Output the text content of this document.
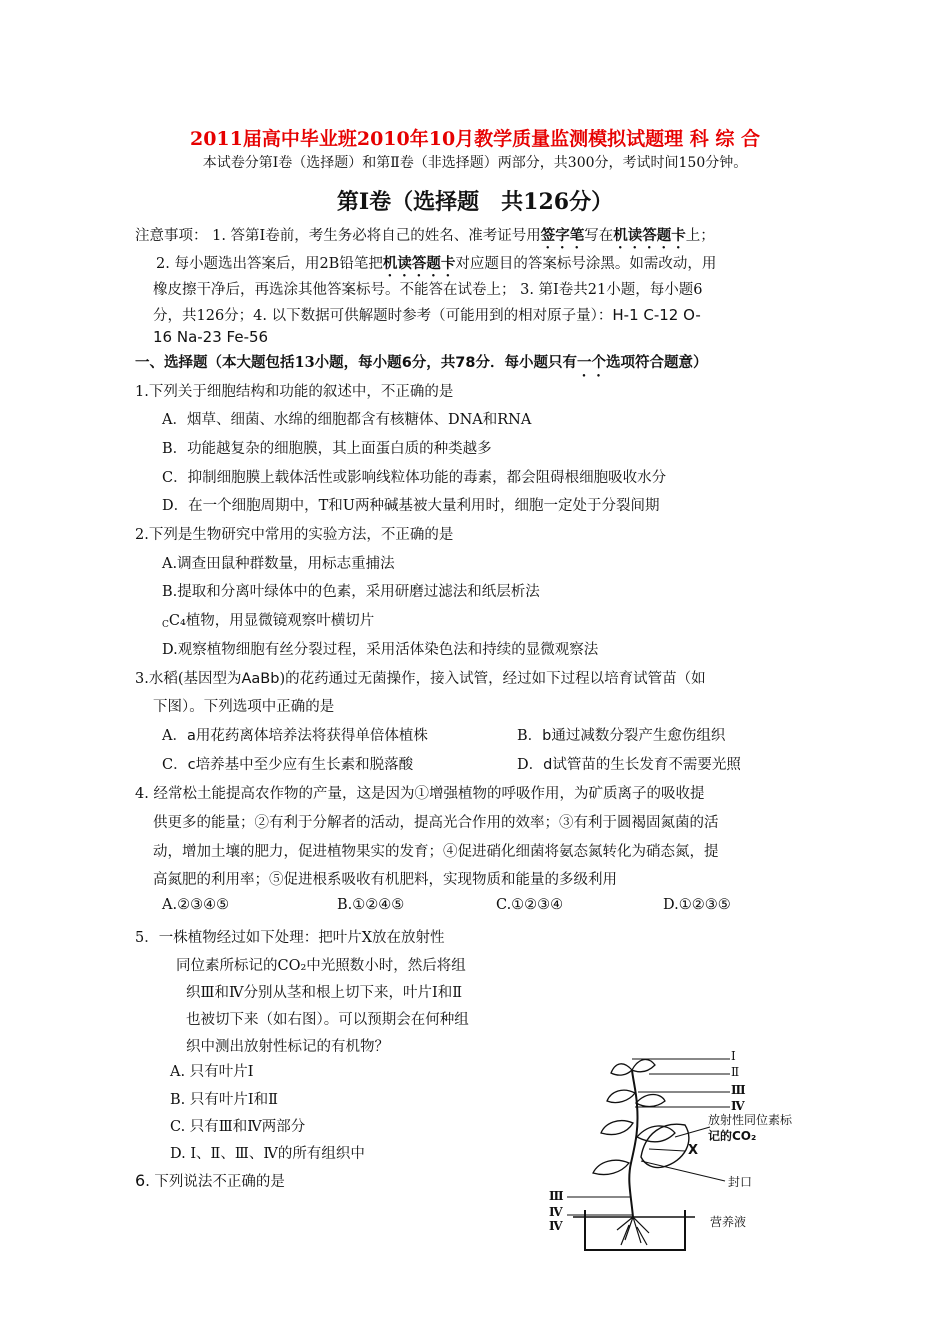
2011届高中毕业班2010年10月教学质量监测模拟试题理 科 综 合
本试卷分第Ⅰ卷（选择题）和第Ⅱ卷（非选择题）两部分，共300分，考试时间150分钟。
第Ⅰ卷（选择题　共126分）
注意事项： 1. 答第Ⅰ卷前，考生务必将自己的姓名、准考证号用签字笔写在机读答题卡上；
2. 每小题选出答案后，用2B铅笔把机读答题卡对应题目的答案标号涂黑。如需改动，用
橡皮擦干净后，再选涂其他答案标号。不能答在试卷上； 3. 第Ⅰ卷共21小题，每小题6
分，共126分；4. 以下数据可供解题时参考（可能用到的相对原子量）：H-1 C-12 O-
16 Na-23 Fe-56
一、选择题（本大题包括13小题，每小题6分，共78分．每小题只有一个选项符合题意）
1.下列关于细胞结构和功能的叙述中，不正确的是
A．烟草、细菌、水绵的细胞都含有核糖体、DNA和RNA
B．功能越复杂的细胞膜，其上面蛋白质的种类越多
C．抑制细胞膜上载体活性或影响线粒体功能的毒素，都会阻碍根细胞吸收水分
D．在一个细胞周期中，T和U两种碱基被大量利用时，细胞一定处于分裂间期
2.下列是生物研究中常用的实验方法，不正确的是
A.调查田鼠种群数量，用标志重捕法
B.提取和分离叶绿体中的色素，采用研磨过滤法和纸层析法
CC₄植物，用显微镜观察叶横切片
D.观察植物细胞有丝分裂过程，采用活体染色法和持续的显微观察法
3.水稻(基因型为AaBb)的花药通过无菌操作，接入试管，经过如下过程以培育试管苗（如
下图）。下列选项中正确的是
A．a用花药离体培养法将获得单倍体植株	B．b通过减数分裂产生愈伤组织
C．c培养基中至少应有生长素和脱落酸	D．d试管苗的生长发育不需要光照
4. 经常松土能提高农作物的产量，这是因为①增强植物的呼吸作用，为矿质离子的吸收提
供更多的能量；②有利于分解者的活动，提高光合作用的效率；③有利于圆褐固氮菌的活
动，增加土壤的肥力，促进植物果实的发育；④促进硝化细菌将氨态氮转化为硝态氮，提
高氮肥的利用率；⑤促进根系吸收有机肥料，实现物质和能量的多级利用
A.②③④⑤	B.①②④⑤	C.①②③④	D.①②③⑤
5．一株植物经过如下处理：把叶片X放在放射性
同位素所标记的CO₂中光照数小时，然后将组
织Ⅲ和Ⅳ分别从茎和根上切下来，叶片Ⅰ和Ⅱ
也被切下来（如右图）。可以预期会在何种组
织中测出放射性标记的有机物？
A. 只有叶片Ⅰ
B. 只有叶片Ⅰ和Ⅱ
C. 只有Ⅲ和Ⅳ两部分
D. Ⅰ、Ⅱ、Ⅲ、Ⅳ的所有组织中
6. 下列说法不正确的是
Ⅰ
Ⅱ
Ⅲ
Ⅳ
放射性同位素标
记的CO₂
X
封口
Ⅲ
Ⅳ
Ⅳ	营养液
